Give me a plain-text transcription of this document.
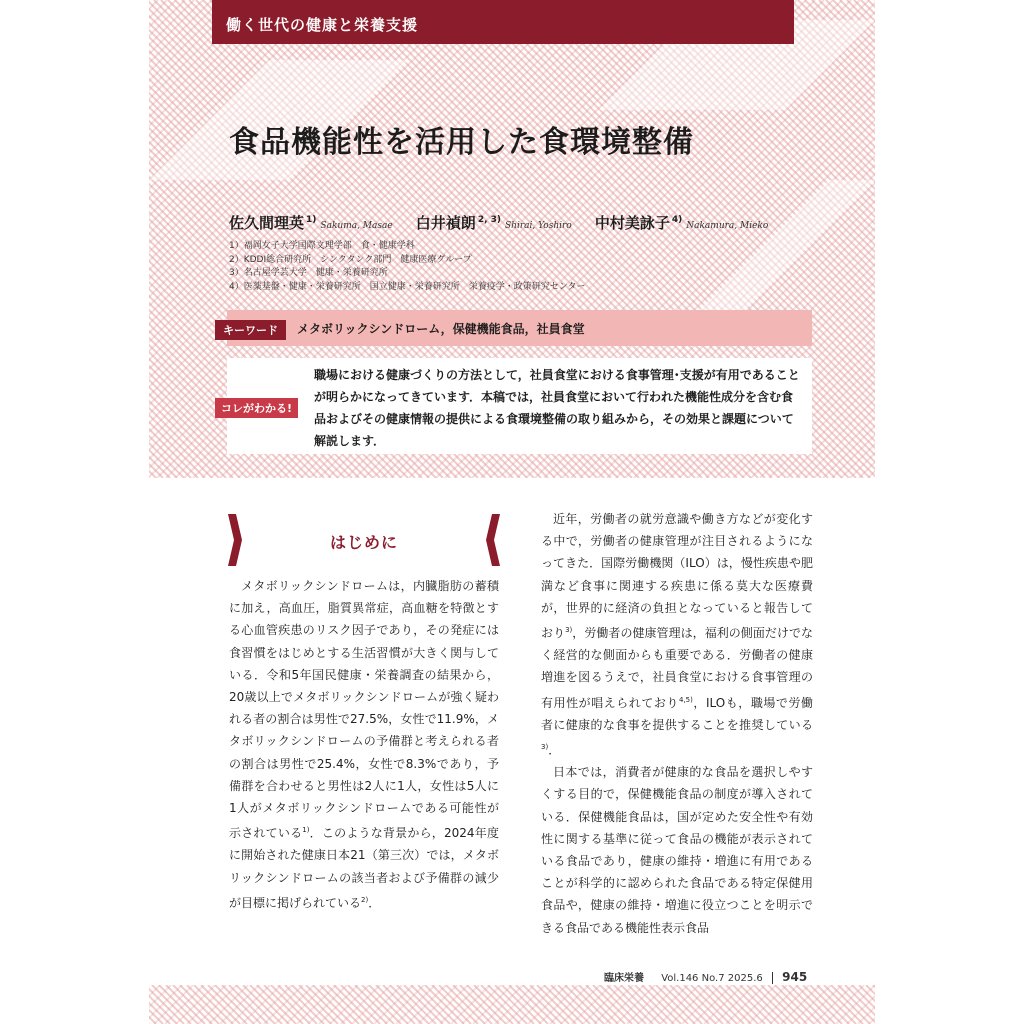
働く世代の健康と栄養支援
食品機能性を活用した食環境整備
佐久間理英 $^{1)}$Sakuma, Masae 白井禎朗 $^{2, 3)}$Shirai, Yoshiro 中村美詠子 $^{4)}$Nakamura, Mieko
1）福岡女子大学国際文理学部　食・健康学科
2）KDDI総合研究所　シンクタンク部門　健康医療グループ
3）名古屋学芸大学　健康・栄養研究所
4）医薬基盤・健康・栄養研究所　国立健康・栄養研究所　栄養疫学・政策研究センター
キーワード	メタボリックシンドローム，保健機能食品，社員食堂
コレがわかる!
職場における健康づくりの方法として，社員食堂における食事管理･支援が有用であることが明らかになってきています．本稿では，社員食堂において行われた機能性成分を含む食品およびその健康情報の提供による食環境整備の取り組みから，その効果と課題について解説します．
はじめに

メタボリックシンドロームは，内臓脂肪の蓄積に加え，高血圧，脂質異常症，高血糖を特徴とする心血管疾患のリスク因子であり，その発症には食習慣をはじめとする生活習慣が大きく関与している．令和5年国民健康・栄養調査の結果から，20歳以上でメタボリックシンドロームが強く疑われる者の割合は男性で27.5%，女性で11.9%，メタボリックシンドロームの予備群と考えられる者の割合は男性で25.4%，女性で8.3%であり，予備群を合わせると男性は2人に1人，女性は5人に1人がメタボリックシンドロームである可能性が示されている$^{1)}$．このような背景から，2024年度に開始された健康日本21（第三次）では，メタボリックシンドロームの該当者および予備群の減少が目標に掲げられている$^{2)}$．

近年，労働者の就労意識や働き方などが変化する中で，労働者の健康管理が注目されるようになってきた．国際労働機関（ILO）は，慢性疾患や肥満など食事に関連する疾患に係る莫大な医療費が，世界的に経済の負担となっていると報告しており$^{3)}$，労働者の健康管理は，福利の側面だけでなく経営的な側面からも重要である．労働者の健康増進を図るうえで，社員食堂における食事管理の有用性が唱えられており$^{4,5)}$，ILOも，職場で労働者に健康的な食事を提供することを推奨している$^{3)}$．

日本では，消費者が健康的な食品を選択しやすくする目的で，保健機能食品の制度が導入されている．保健機能食品は，国が定めた安全性や有効性に関する基準に従って食品の機能が表示されている食品であり，健康の維持・増進に有用であることが科学的に認められた食品である特定保健用食品や，健康の維持・増進に役立つことを明示できる食品である機能性表示食品

臨床栄養 Vol.146 No.7 2025.6 945
